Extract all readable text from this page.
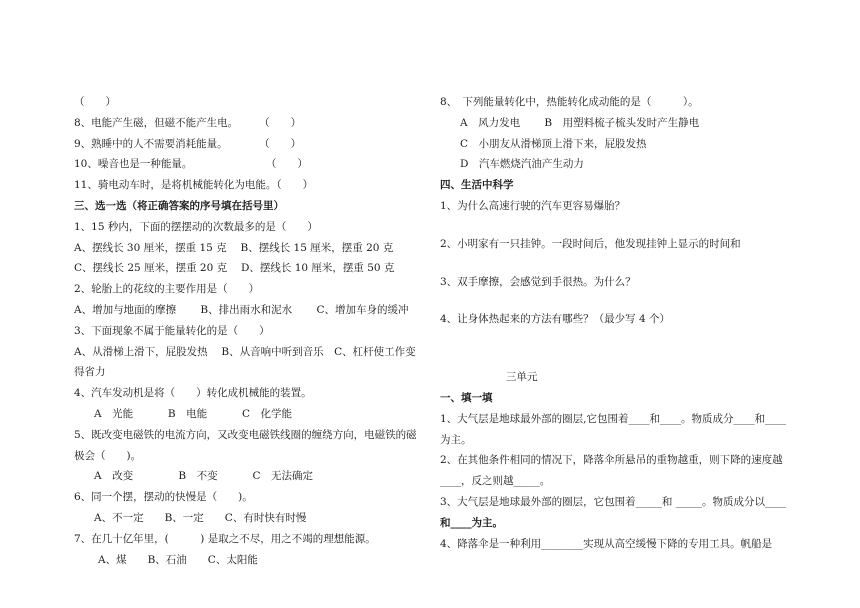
（　　）
8、电能产生磁，但磁不能产生电。　　　（　　）
9、熟睡中的人不需要消耗能量。　　　　（　　）
10、噪音也是一种能量。　　　　　　　　（　　）
11、骑电动车时，是将机械能转化为电能。（　　）
三、选一选（将正确答案的序号填在括号里）
1、15 秒内，下面的摆摆动的次数最多的是（　　）
A、摆线长 30 厘米，摆重 15 克　 B、摆线长 15 厘米，摆重 20 克
C、摆线长 25 厘米，摆重 20 克　 D、摆线长 10 厘米，摆重 50 克
2、轮胎上的花纹的主要作用是（　　）
A、增加与地面的摩擦　　 B、排出雨水和泥水　　 C、增加车身的缓冲
3、下面现象不属于能量转化的是（　　）
A、从滑梯上滑下，屁股发热　 B、从音响中听到音乐　C、杠杆使工作变
得省力
4、汽车发动机是将（　　）转化成机械能的装置。
A　光能　　　 B　电能　　　 C　化学能
5、既改变电磁铁的电流方向，又改变电磁铁线圈的缠绕方向，电磁铁的磁
极会（　　)。
A　改变　　　　 B　不变　　　 C　无法确定
6、同一个摆，摆动的快慢是（　　)。
A、不一定　　B、一定　　C、有时快有时慢
7、在几十亿年里，(　　　) 是取之不尽，用之不竭的理想能源。
A、煤　　B、石油　　C、太阳能
8、　下列能量转化中，热能转化成动能的是（　　　）。
A　风力发电　　 B　用塑料梳子梳头发时产生静电
C　小朋友从滑梯顶上滑下来，屁股发热
D　汽车燃烧汽油产生动力
四、生活中科学
1、为什么高速行驶的汽车更容易爆胎？
2、小明家有一只挂钟。一段时间后，他发现挂钟上显示的时间和
3、双手摩擦，会感觉到手很热。为什么？
4、让身体热起来的方法有哪些？（最少写 4 个）
三单元
一、填一填
1、大气层是地球最外部的圈层,它包围着____和____。物质成分____和____
为主。
2、在其他条件相同的情况下，降落伞所悬吊的重物越重，则下降的速度越
____，反之则越_____。
3、大气层是地球最外部的圈层，它包围着_____和 _____。物质成分以____
和____为主。
4、降落伞是一种利用________实现从高空缓慢下降的专用工具。帆船是
